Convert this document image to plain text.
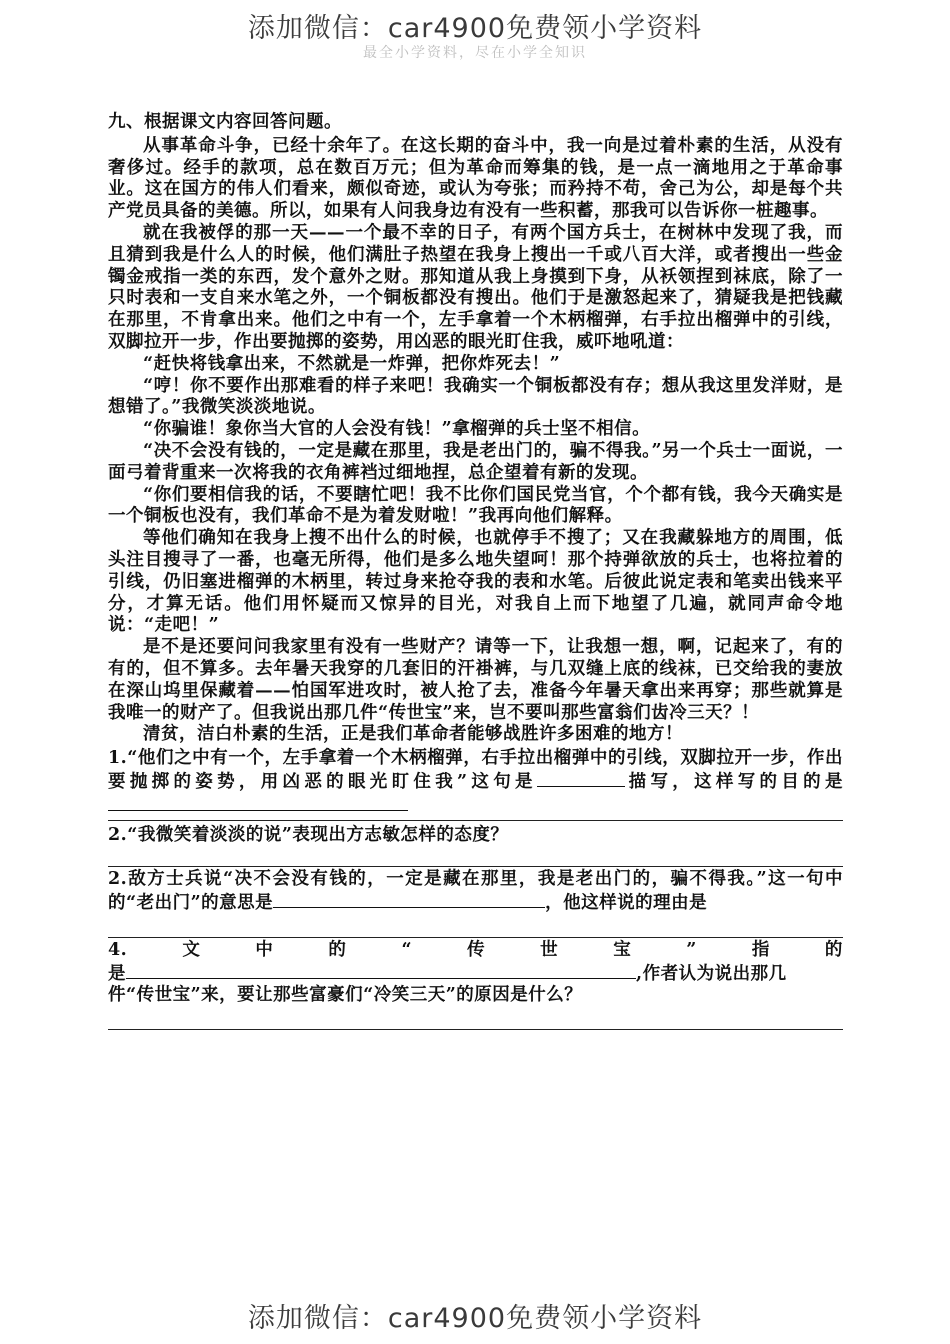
添加微信：car4900免费领小学资料
最全小学资料，尽在小学全知识

九、根据课文内容回答问题。

从事革命斗争，已经十余年了。在这长期的奋斗中，我一向是过着朴素的生活，从没有奢侈过。经手的款项，总在数百万元；但为革命而筹集的钱，是一点一滴地用之于革命事业。这在国方的伟人们看来，颇似奇迹，或认为夸张；而矜持不苟，舍己为公，却是每个共产党员具备的美德。所以，如果有人问我身边有没有一些积蓄，那我可以告诉你一桩趣事。

就在我被俘的那一天——一个最不幸的日子，有两个国方兵士，在树林中发现了我，而且猜到我是什么人的时候，他们满肚子热望在我身上搜出一千或八百大洋，或者搜出一些金镯金戒指一类的东西，发个意外之财。那知道从我上身摸到下身，从袄领捏到袜底，除了一只时表和一支自来水笔之外，一个铜板都没有搜出。他们于是激怒起来了，猜疑我是把钱藏在那里，不肯拿出来。他们之中有一个，左手拿着一个木柄榴弹，右手拉出榴弹中的引线，双脚拉开一步，作出要抛掷的姿势，用凶恶的眼光盯住我，威吓地吼道：

“赶快将钱拿出来，不然就是一炸弹，把你炸死去！”

“哼！你不要作出那难看的样子来吧！我确实一个铜板都没有存；想从我这里发洋财，是想错了。”我微笑淡淡地说。

“你骗谁！象你当大官的人会没有钱！”拿榴弹的兵士坚不相信。

“决不会没有钱的，一定是藏在那里，我是老出门的，骗不得我。”另一个兵士一面说，一面弓着背重来一次将我的衣角裤裆过细地捏，总企望着有新的发现。

“你们要相信我的话，不要瞎忙吧！我不比你们国民党当官，个个都有钱，我今天确实是一个铜板也没有，我们革命不是为着发财啦！”我再向他们解释。

等他们确知在我身上搜不出什么的时候，也就停手不搜了；又在我藏躲地方的周围，低头注目搜寻了一番，也毫无所得，他们是多么地失望呵！那个持弹欲放的兵士，也将拉着的引线，仍旧塞进榴弹的木柄里，转过身来抢夺我的表和水笔。后彼此说定表和笔卖出钱来平分，才算无话。他们用怀疑而又惊异的目光，对我自上而下地望了几遍，就同声命令地说：“走吧！”

是不是还要问问我家里有没有一些财产？请等一下，让我想一想，啊，记起来了，有的有的，但不算多。去年暑天我穿的几套旧的汗褂裤，与几双缝上底的线袜，已交给我的妻放在深山坞里保藏着——怕国军进攻时，被人抢了去，准备今年暑天拿出来再穿；那些就算是我唯一的财产了。但我说出那几件“传世宝”来，岂不要叫那些富翁们齿冷三天？！

清贫，洁白朴素的生活，正是我们革命者能够战胜许多困难的地方！

1.“他们之中有一个，左手拿着一个木柄榴弹，右手拉出榴弹中的引线，双脚拉开一步，作出要抛掷的姿势，用凶恶的眼光盯住我”这句是	描写，这样写的目的是

2.“我微笑着淡淡的说”表现出方志敏怎样的态度？

2.敌方士兵说“决不会没有钱的，一定是藏在那里，我是老出门的，骗不得我。”这一句中的“老出门”的意思是	，他这样说的理由是

4.	文	中	的	“	传	世	宝	”	指	的

是	,作者认为说出那几

件“传世宝”来，要让那些富豪们“冷笑三天”的原因是什么？

添加微信：car4900免费领小学资料
